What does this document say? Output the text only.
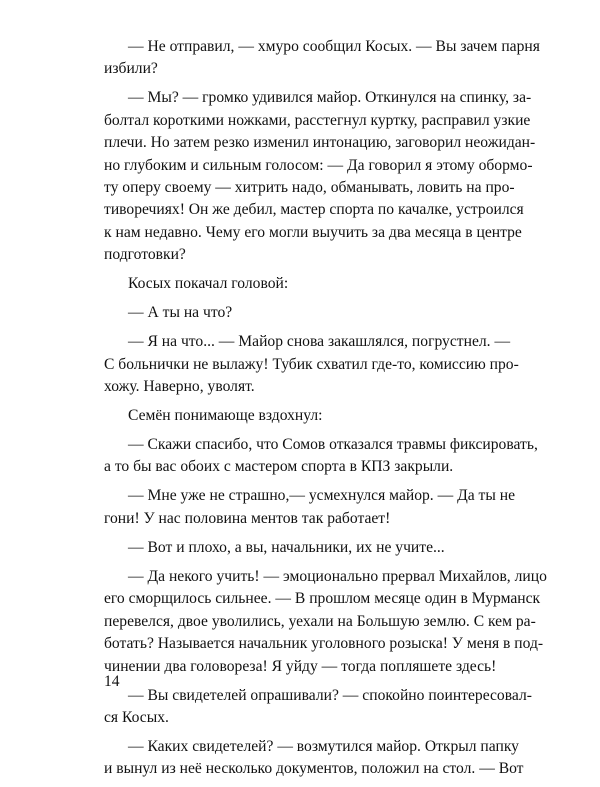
— Не отправил, — хмуро сообщил Косых. — Вы зачем парня
избили?
— Мы? — громко удивился майор. Откинулся на спинку, за-
болтал короткими ножками, расстегнул куртку, расправил узкие
плечи. Но затем резко изменил интонацию, заговорил неожидан-
но глубоким и сильным голосом: — Да говорил я этому обормо-
ту оперу своему — хитрить надо, обманывать, ловить на про-
тиворечиях! Он же дебил, мастер спорта по качалке, устроился
к нам недавно. Чему его могли выучить за два месяца в центре
подготовки?
Косых покачал головой:
— А ты на что?
— Я на что... — Майор снова закашлялся, погрустнел. —
С больнички не вылажу! Тубик схватил где-то, комиссию про-
хожу. Наверно, уволят.
Семён понимающе вздохнул:
— Скажи спасибо, что Сомов отказался травмы фиксировать,
а то бы вас обоих с мастером спорта в КПЗ закрыли.
— Мне уже не страшно,— усмехнулся майор. — Да ты не
гони! У нас половина ментов так работает!
— Вот и плохо, а вы, начальники, их не учите...
— Да некого учить! — эмоционально прервал Михайлов, лицо
его сморщилось сильнее. — В прошлом месяце один в Мурманск
перевелся, двое уволились, уехали на Большую землю. С кем ра-
ботать? Называется начальник уголовного розыска! У меня в под-
чинении два головореза! Я уйду — тогда попляшете здесь!
— Вы свидетелей опрашивали? — спокойно поинтересовал-
ся Косых.
— Каких свидетелей? — возмутился майор. Открыл папку
и вынул из неё несколько документов, положил на стол. — Вот
14
